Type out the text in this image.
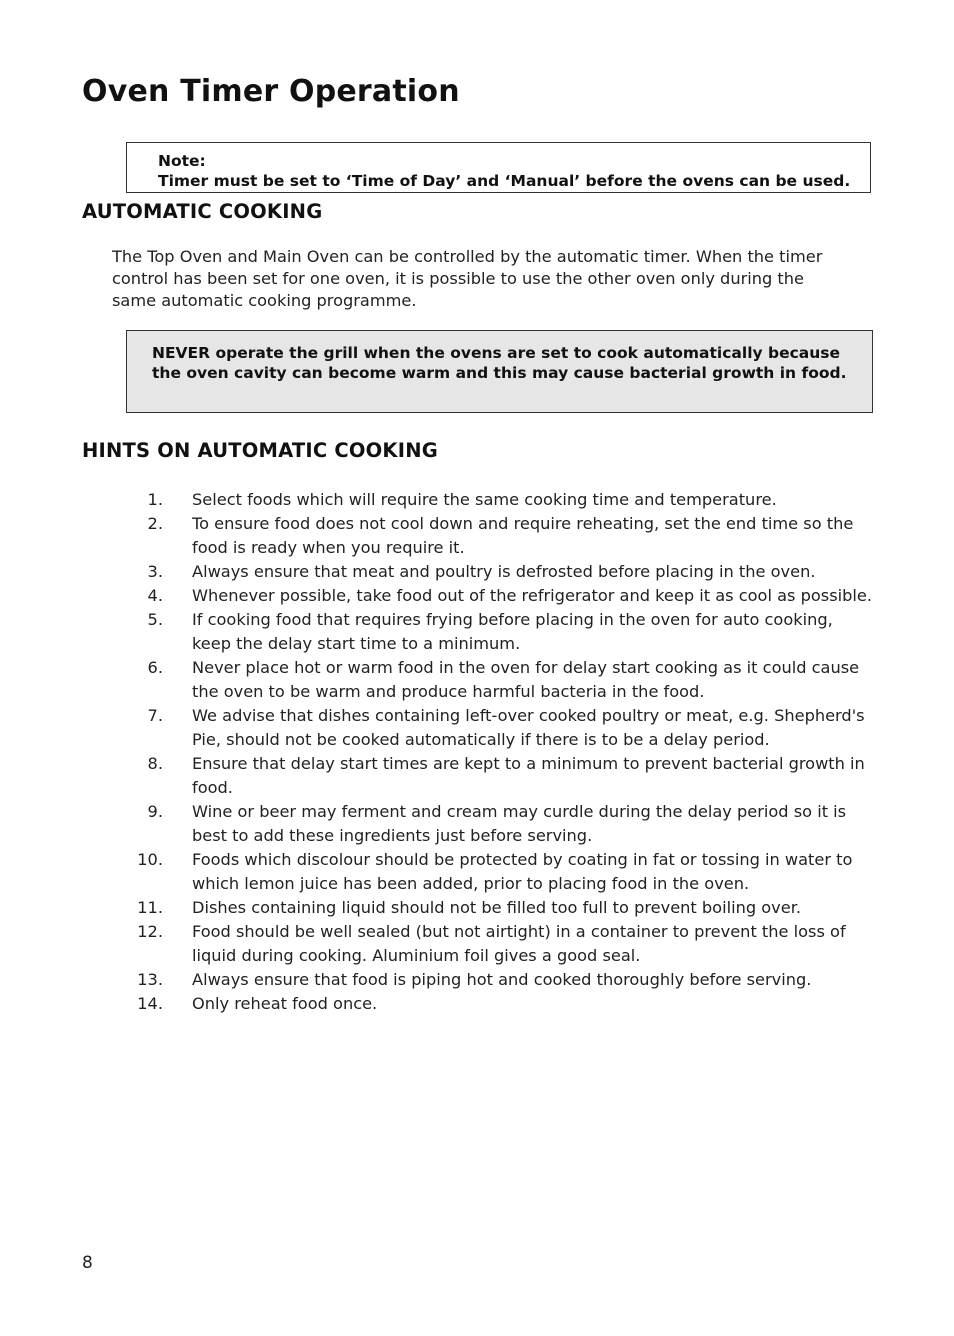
Oven Timer Operation
Note:
Timer must be set to ‘Time of Day’ and ‘Manual’ before the ovens can be used.
AUTOMATIC COOKING

The Top Oven and Main Oven can be controlled by the automatic timer. When the timer control has been set for one oven, it is possible to use the other oven only during the same automatic cooking programme.

NEVER operate the grill when the ovens are set to cook automatically because the oven cavity can become warm and this may cause bacterial growth in food.
HINTS ON AUTOMATIC COOKING
1.	Select foods which will require the same cooking time and temperature.
2.	To ensure food does not cool down and require reheating, set the end time so the food is ready when you require it.
3.	Always ensure that meat and poultry is defrosted before placing in the oven.
4.	Whenever possible, take food out of the refrigerator and keep it as cool as possible.
5.	If cooking food that requires frying before placing in the oven for auto cooking, keep the delay start time to a minimum.
6.	Never place hot or warm food in the oven for delay start cooking as it could cause the oven to be warm and produce harmful bacteria in the food.
7.	We advise that dishes containing left-over cooked poultry or meat, e.g. Shepherd's Pie, should not be cooked automatically if there is to be a delay period.
8.	Ensure that delay start times are kept to a minimum to prevent bacterial growth in food.
9.	Wine or beer may ferment and cream may curdle during the delay period so it is best to add these ingredients just before serving.
10.	Foods which discolour should be protected by coating in fat or tossing in water to which lemon juice has been added, prior to placing food in the oven.
11.	Dishes containing liquid should not be filled too full to prevent boiling over.
12.	Food should be well sealed (but not airtight) in a container to prevent the loss of liquid during cooking. Aluminium foil gives a good seal.
13.	Always ensure that food is piping hot and cooked thoroughly before serving.
14.	Only reheat food once.
8
